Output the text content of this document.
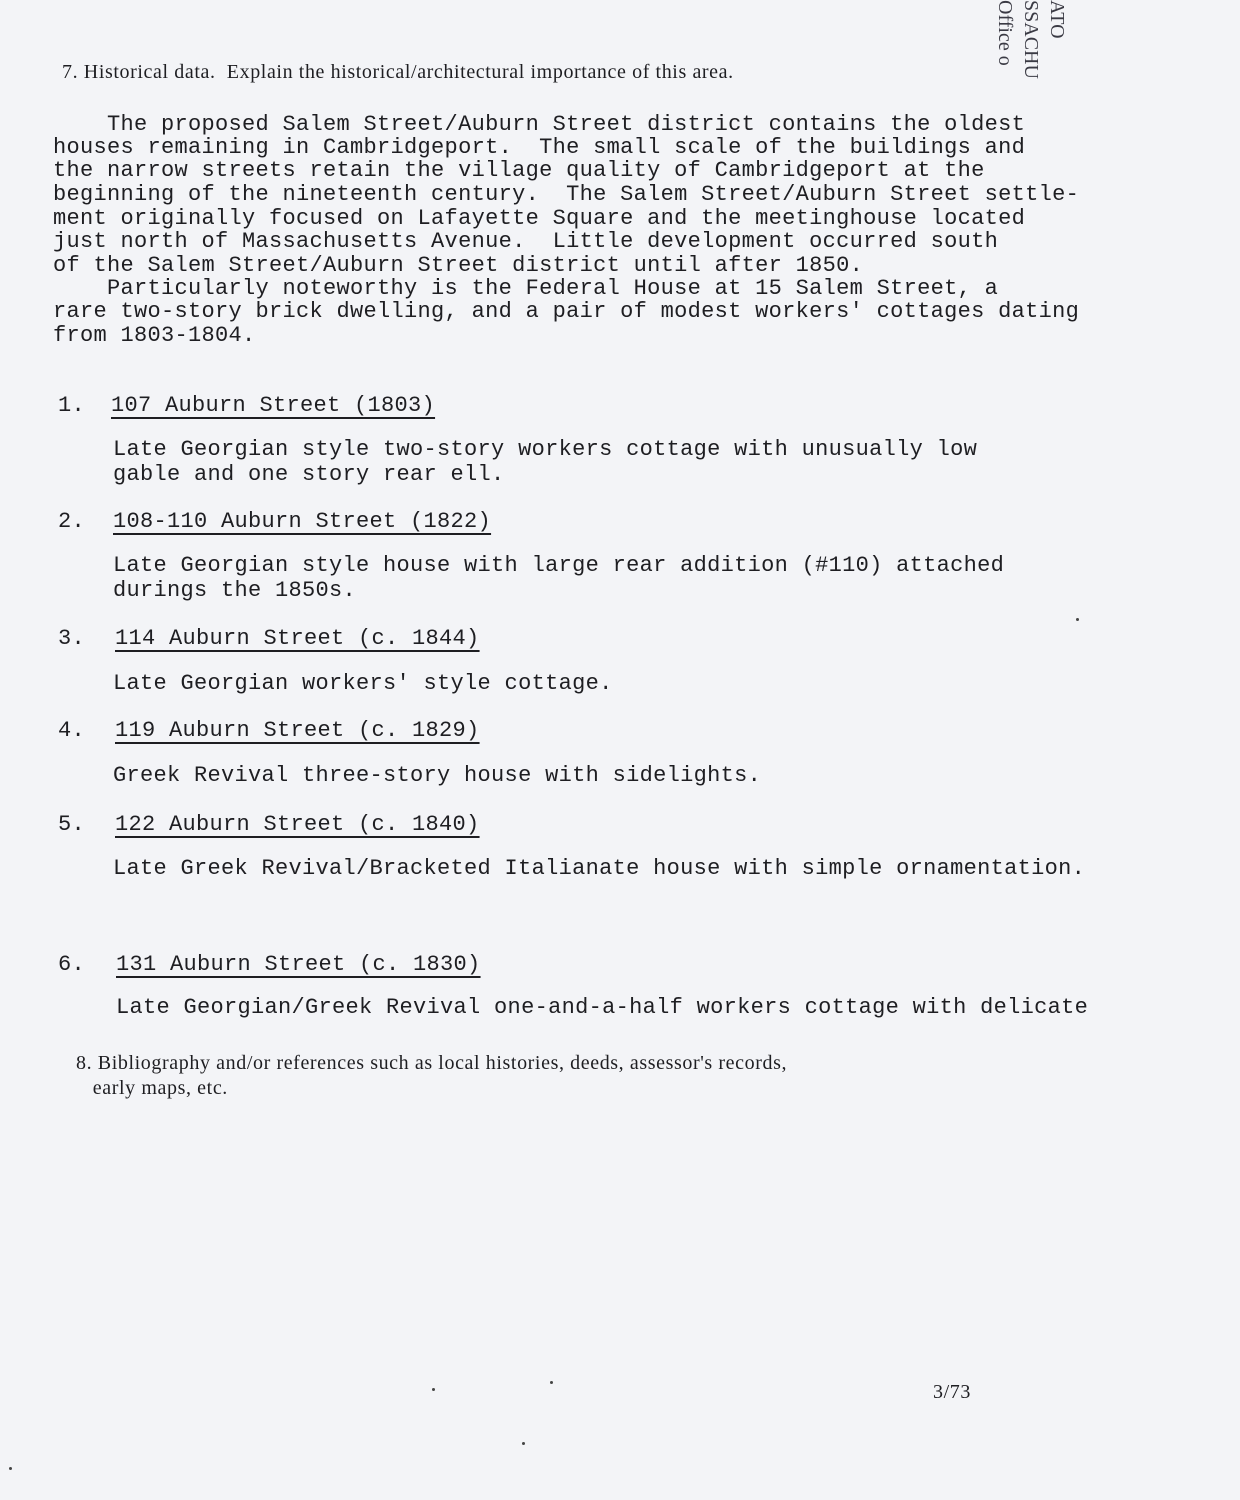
ATO
SSACHU
Office o
7. Historical data.  Explain the historical/architectural importance of this area.
The proposed Salem Street/Auburn Street district contains the oldest
houses remaining in Cambridgeport.  The small scale of the buildings and
the narrow streets retain the village quality of Cambridgeport at the
beginning of the nineteenth century.  The Salem Street/Auburn Street settle-
ment originally focused on Lafayette Square and the meetinghouse located
just north of Massachusetts Avenue.  Little development occurred south
of the Salem Street/Auburn Street district until after 1850.
Particularly noteworthy is the Federal House at 15 Salem Street, a
rare two-story brick dwelling, and a pair of modest workers' cottages dating
from 1803-1804.
1. 107 Auburn Street (1803)
Late Georgian style two-story workers cottage with unusually low
gable and one story rear ell.
2. 108-110 Auburn Street (1822)
Late Georgian style house with large rear addition (#110) attached
durings the 1850s.
3. 114 Auburn Street (c. 1844)
Late Georgian workers' style cottage.
4. 119 Auburn Street (c. 1829)
Greek Revival three-story house with sidelights.
5. 122 Auburn Street (c. 1840)
Late Greek Revival/Bracketed Italianate house with simple ornamentation.
6. 131 Auburn Street (c. 1830)
Late Georgian/Greek Revival one-and-a-half workers cottage with delicate
8. Bibliography and/or references such as local histories, deeds, assessor's records,
early maps, etc.
3/73
